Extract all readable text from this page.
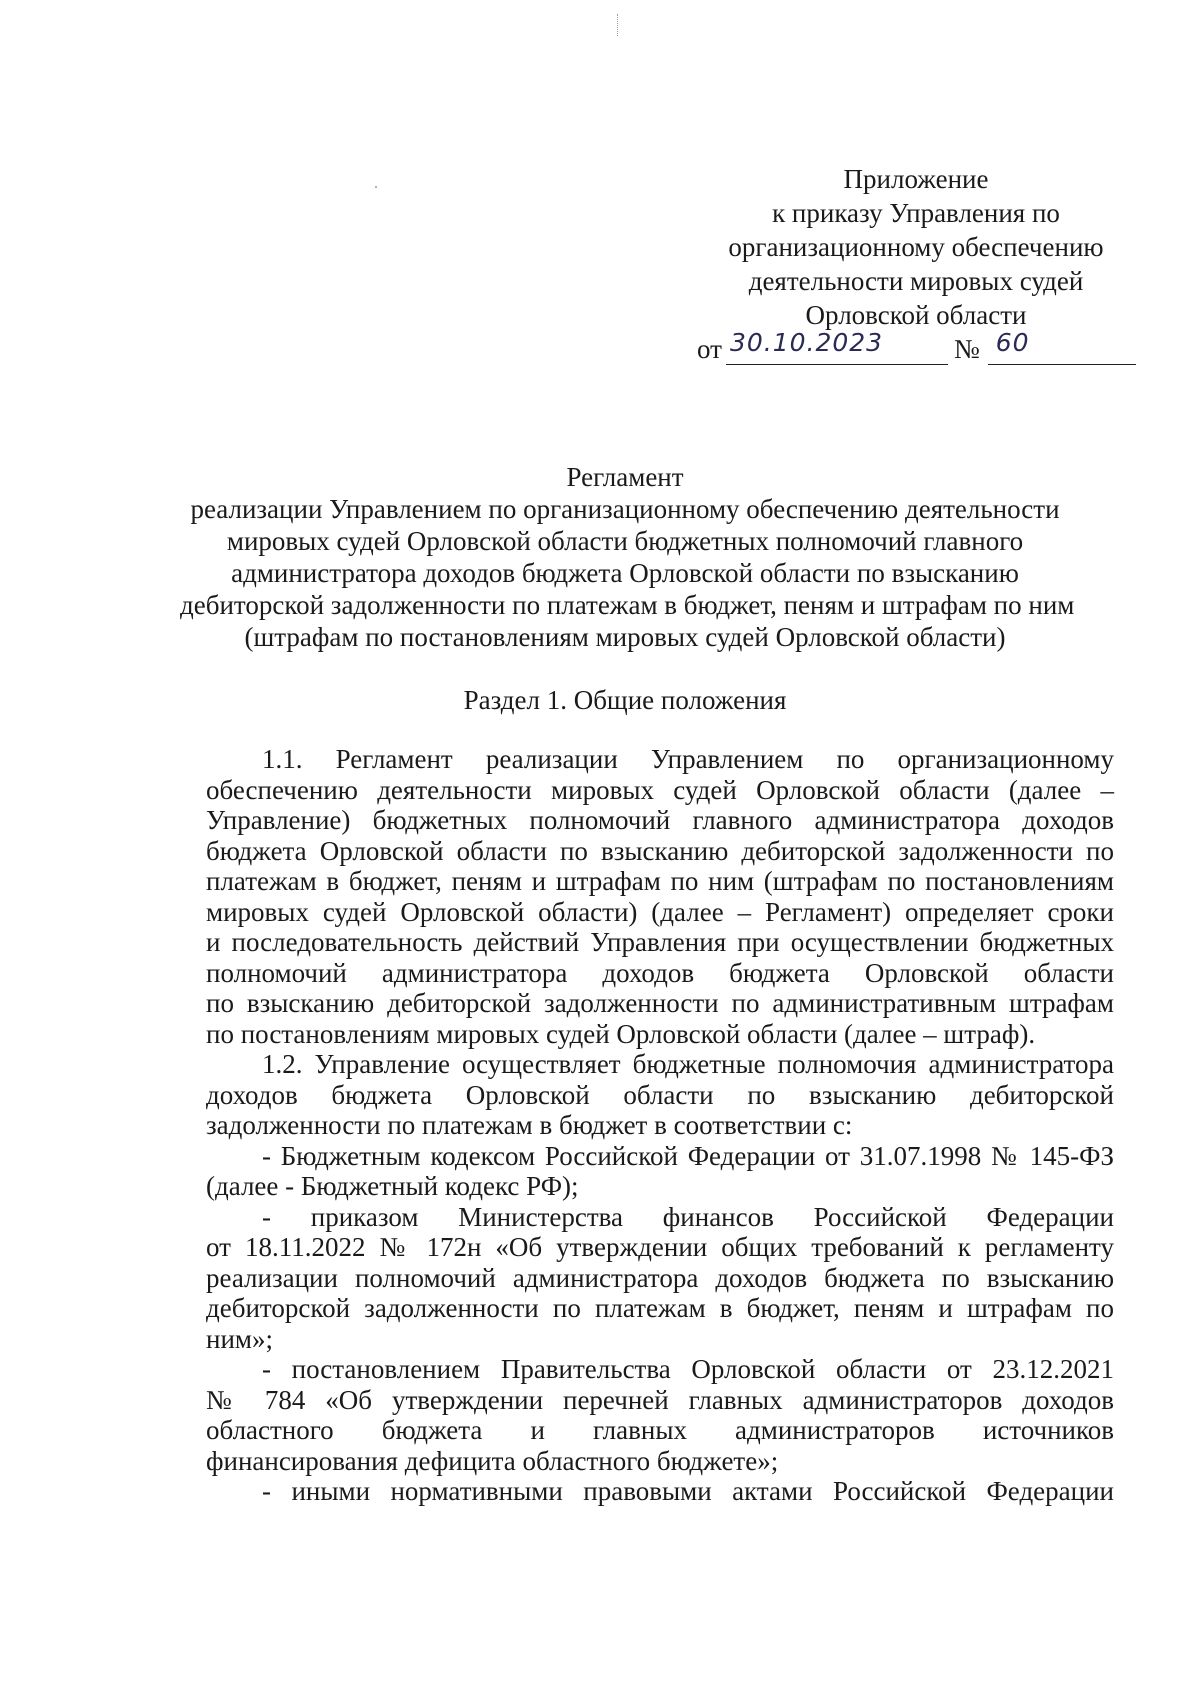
Приложение
к приказу Управления по
организационному обеспечению
деятельности мировых судей
Орловской области
от 30.10.2023	№ 60
Регламент
реализации Управлением по организационному обеспечению деятельности
мировых судей Орловской области бюджетных полномочий главного
администратора доходов бюджета Орловской области по взысканию
дебиторской задолженности по платежам в бюджет, пеням и штрафам по ним
(штрафам по постановлениям мировых судей Орловской области)
Раздел 1. Общие положения
1.1. Регламент реализации Управлением по организационному
обеспечению деятельности мировых судей Орловской области (далее –
Управление) бюджетных полномочий главного администратора доходов
бюджета Орловской области по взысканию дебиторской задолженности по
платежам в бюджет, пеням и штрафам по ним (штрафам по постановлениям
мировых судей Орловской области) (далее – Регламент) определяет сроки
и последовательность действий Управления при осуществлении бюджетных
полномочий администратора доходов бюджета Орловской области
по взысканию дебиторской задолженности по административным штрафам
по постановлениям мировых судей Орловской области (далее – штраф).
1.2. Управление осуществляет бюджетные полномочия администратора
доходов бюджета Орловской области по взысканию дебиторской
задолженности по платежам в бюджет в соответствии с:
- Бюджетным кодексом Российской Федерации от 31.07.1998 № 145-ФЗ
(далее - Бюджетный кодекс РФ);
- приказом Министерства финансов Российской Федерации
от 18.11.2022 № 172н «Об утверждении общих требований к регламенту
реализации полномочий администратора доходов бюджета по взысканию
дебиторской задолженности по платежам в бюджет, пеням и штрафам по
ним»;
- постановлением Правительства Орловской области от 23.12.2021
№ 784 «Об утверждении перечней главных администраторов доходов
областного бюджета и главных администраторов источников
финансирования дефицита областного бюджете»;
- иными нормативными правовыми актами Российской Федерации
